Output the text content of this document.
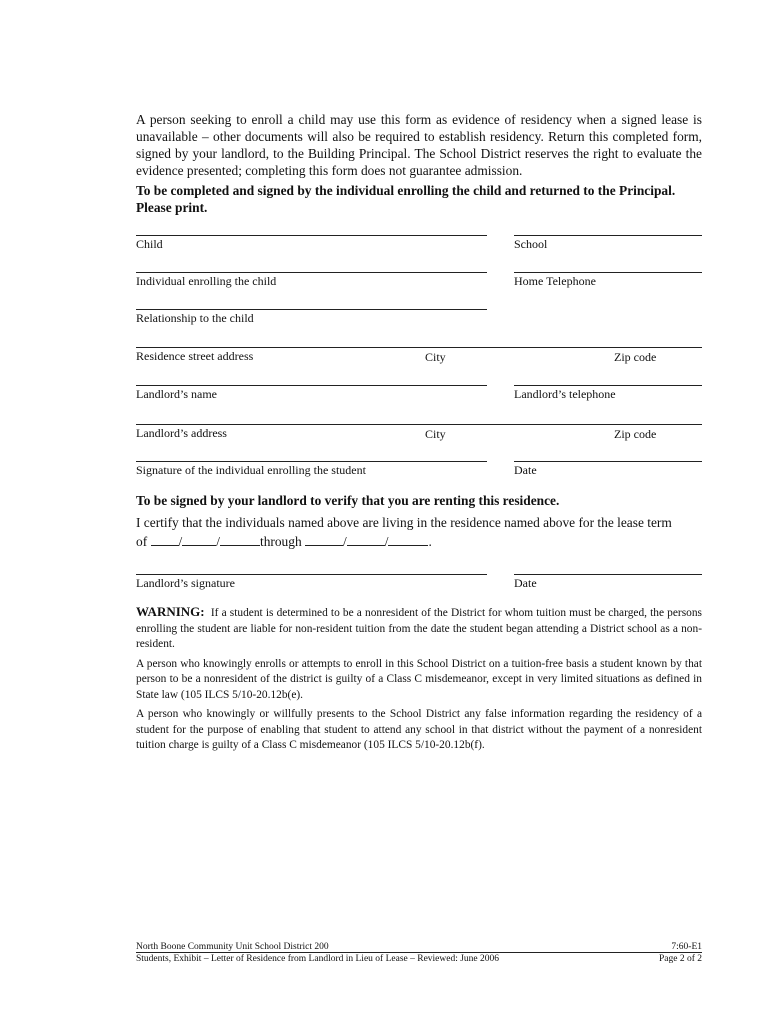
A person seeking to enroll a child may use this form as evidence of residency when a signed lease is unavailable – other documents will also be required to establish residency. Return this completed form, signed by your landlord, to the Building Principal. The School District reserves the right to evaluate the evidence presented; completing this form does not guarantee admission.

To be completed and signed by the individual enrolling the child and returned to the Principal. Please print.

Child	School
Individual enrolling the child	Home Telephone
Relationship to the child
Residence street address	City	Zip code
Landlord’s name	Landlord’s telephone
Landlord’s address	City	Zip code
Signature of the individual enrolling the student	Date
To be signed by your landlord to verify that you are renting this residence.

I certify that the individuals named above are living in the residence named above for the lease term
of /	/	through	/	/	.

Landlord’s signature	Date

WARNING: If a student is determined to be a nonresident of the District for whom tuition must be charged, the persons enrolling the student are liable for non-resident tuition from the date the student began attending a District school as a non-resident.

A person who knowingly enrolls or attempts to enroll in this School District on a tuition-free basis a student known by that person to be a nonresident of the district is guilty of a Class C misdemeanor, except in very limited situations as defined in State law (105 ILCS 5/10-20.12b(e).

A person who knowingly or willfully presents to the School District any false information regarding the residency of a student for the purpose of enabling that student to attend any school in that district without the payment of a nonresident tuition charge is guilty of a Class C misdemeanor (105 ILCS 5/10-20.12b(f).

North Boone Community Unit School District 200
Students, Exhibit – Letter of Residence from Landlord in Lieu of Lease – Reviewed: June 2006
7:60-E1
Page 2 of 2
